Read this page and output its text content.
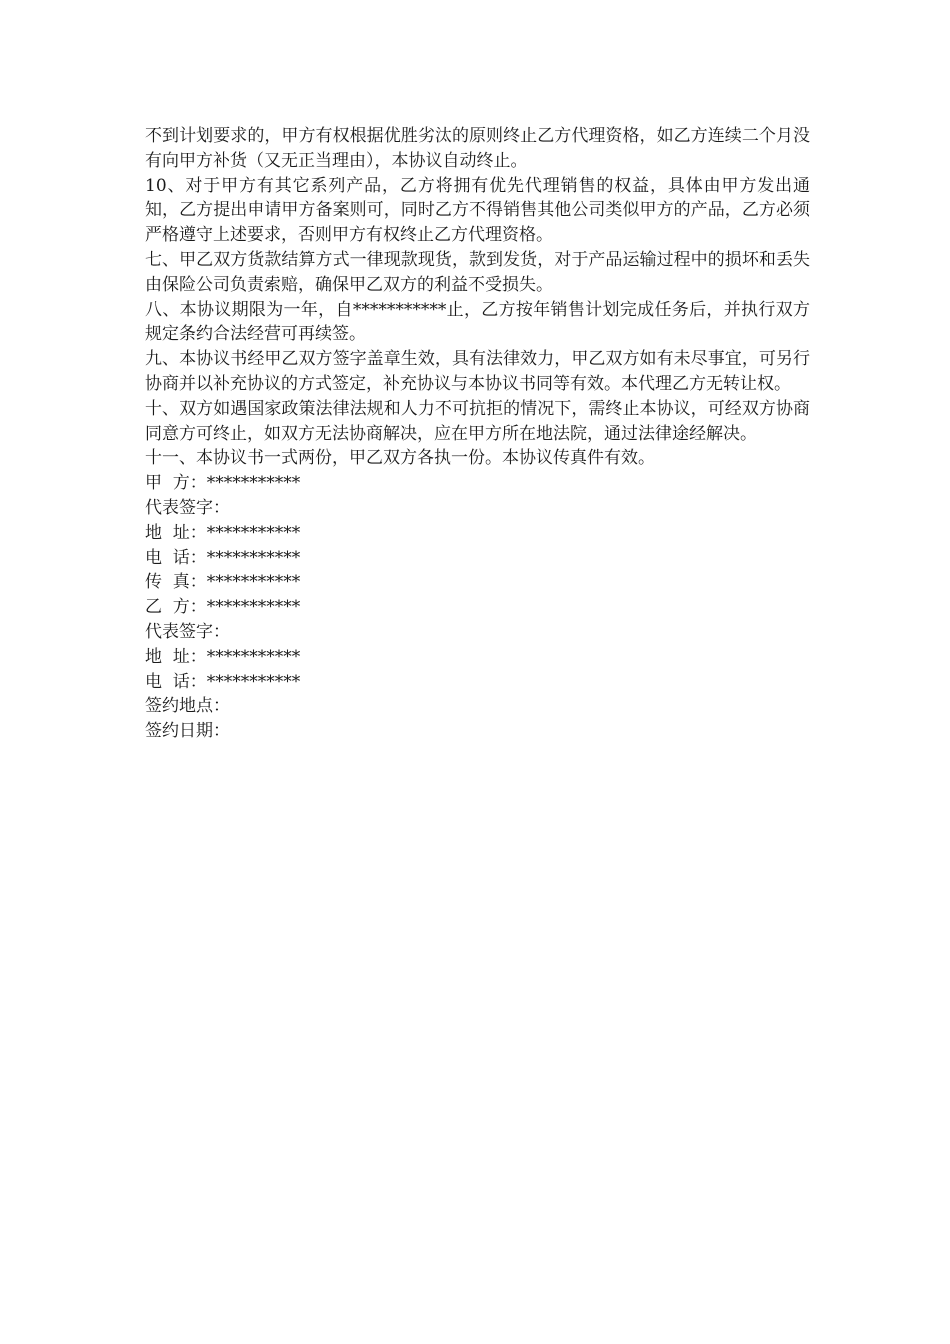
不到计划要求的，甲方有权根据优胜劣汰的原则终止乙方代理资格，如乙方连续二个月没有向甲方补货（又无正当理由），本协议自动终止。

10、对于甲方有其它系列产品，乙方将拥有优先代理销售的权益，具体由甲方发出通知，乙方提出申请甲方备案则可，同时乙方不得销售其他公司类似甲方的产品，乙方必须严格遵守上述要求，否则甲方有权终止乙方代理资格。

七、甲乙双方货款结算方式一律现款现货，款到发货，对于产品运输过程中的损坏和丢失由保险公司负责索赔，确保甲乙双方的利益不受损失。

八、本协议期限为一年，自***********止，乙方按年销售计划完成任务后，并执行双方规定条约合法经营可再续签。

九、本协议书经甲乙双方签字盖章生效，具有法律效力，甲乙双方如有未尽事宜，可另行协商并以补充协议的方式签定，补充协议与本协议书同等有效。本代理乙方无转让权。

十、双方如遇国家政策法律法规和人力不可抗拒的情况下，需终止本协议，可经双方协商同意方可终止，如双方无法协商解决，应在甲方所在地法院，通过法律途经解决。

十一、本协议书一式两份，甲乙双方各执一份。本协议传真件有效。

甲  方：***********

代表签字：

地  址：***********

电  话：***********

传  真：***********

乙  方：***********

代表签字：

地  址：***********

电  话：***********

签约地点：

签约日期：
